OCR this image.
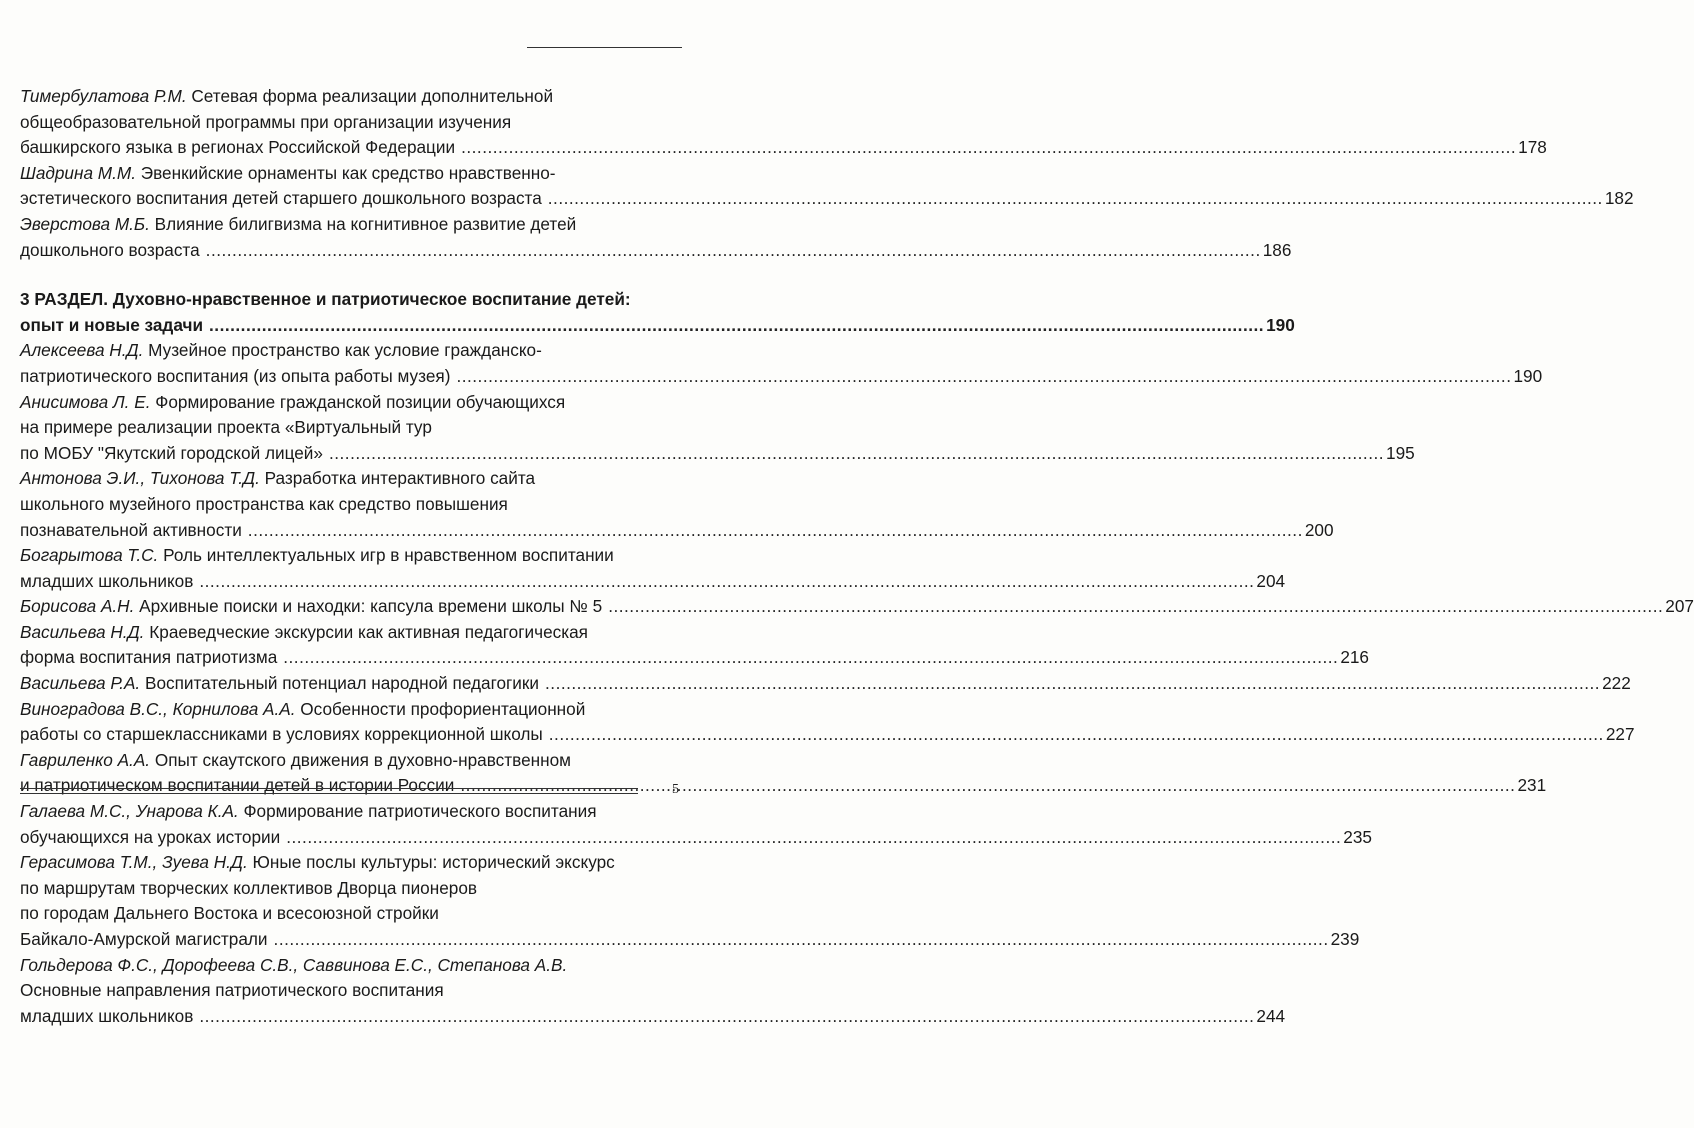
Тимербулатова Р.М. Сетевая форма реализации дополнительной
общеобразовательной программы при организации изучения
башкирского языка в регионах Российской Федерации .....	178
Шадрина М.М. Эвенкийские орнаменты как средство нравственно-
эстетического воспитания детей старшего дошкольного возраста .....	182
Эверстова М.Б. Влияние билигвизма на когнитивное развитие детей
дошкольного возраста .....	186
3 РАЗДЕЛ. Духовно-нравственное и патриотическое воспитание детей:
опыт и новые задачи .....	190
Алексеева Н.Д. Музейное пространство как условие гражданско-
патриотического воспитания (из опыта работы музея) .....	190
Анисимова Л. Е. Формирование гражданской позиции обучающихся
на примере реализации проекта «Виртуальный тур
по МОБУ "Якутский городской лицей» .....	195
Антонова Э.И., Тихонова Т.Д. Разработка интерактивного сайта
школьного музейного пространства как средство повышения
познавательной активности .....	200
Богарытова Т.С. Роль интеллектуальных игр в нравственном воспитании
младших школьников .....	204
Борисова А.Н. Архивные поиски и находки: капсула времени школы № 5 .....	207
Васильева Н.Д. Краеведческие экскурсии как активная педагогическая
форма воспитания патриотизма .....	216
Васильева Р.А. Воспитательный потенциал народной педагогики .....	222
Виноградова В.С., Корнилова А.А. Особенности профориентационной
работы со старшеклассниками в условиях коррекционной школы .....	227
Гавриленко А.А. Опыт скаутского движения в духовно-нравственном
и патриотическом воспитании детей в истории России .....	231
Галаева М.С., Унарова К.А. Формирование патриотического воспитания
обучающихся на уроках истории .....	235
Герасимова Т.М., Зуева Н.Д. Юные послы культуры: исторический экскурс
по маршрутам творческих коллективов Дворца пионеров
по городам Дальнего Востока и всесоюзной стройки
Байкало-Амурской магистрали .....	239
Гольдерова Ф.С., Дорофеева С.В., Саввинова Е.С., Степанова А.В.
Основные направления патриотического воспитания
младших школьников .....	244
5
